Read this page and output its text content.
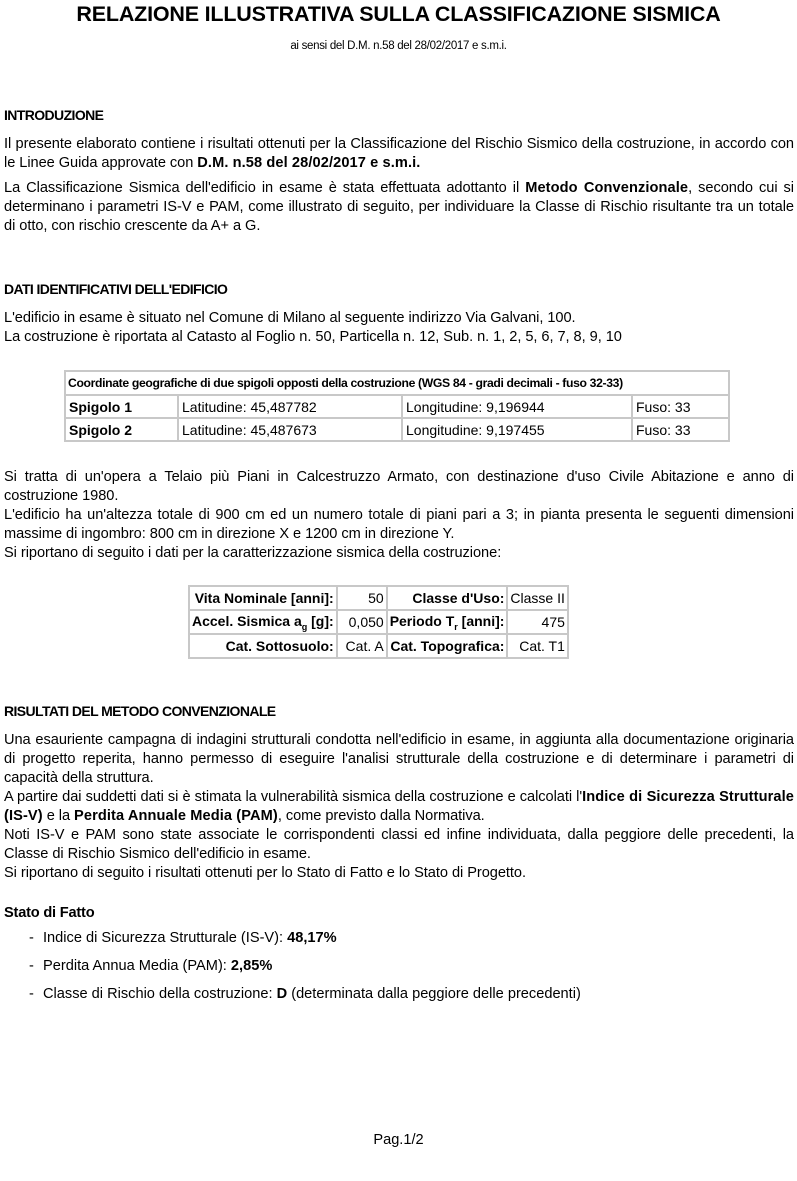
RELAZIONE ILLUSTRATIVA SULLA CLASSIFICAZIONE SISMICA
ai sensi del D.M. n.58 del 28/02/2017 e s.m.i.

INTRODUZIONE

Il presente elaborato contiene i risultati ottenuti per la Classificazione del Rischio Sismico della costruzione, in accordo con le Linee Guida approvate con D.M. n.58 del 28/02/2017 e s.m.i.

La Classificazione Sismica dell'edificio in esame è stata effettuata adottanto il Metodo Convenzionale, secondo cui si determinano i parametri IS-V e PAM, come illustrato di seguito, per individuare la Classe di Rischio risultante tra un totale di otto, con rischio crescente da A+ a G.

DATI IDENTIFICATIVI DELL'EDIFICIO

L'edificio in esame è situato nel Comune di Milano al seguente indirizzo Via Galvani, 100.

La costruzione è riportata al Catasto al Foglio n. 50, Particella n. 12, Sub. n. 1, 2, 5, 6, 7, 8, 9, 10

Coordinate geografiche di due spigoli opposti della costruzione (WGS 84 - gradi decimali - fuso 32-33)			
Spigolo 1	Latitudine: 45,487782	Longitudine: 9,196944	Fuso: 33
Spigolo 2	Latitudine: 45,487673	Longitudine: 9,197455	Fuso: 33

Si tratta di un'opera a Telaio più Piani in Calcestruzzo Armato, con destinazione d'uso Civile Abitazione e anno di costruzione 1980.

L'edificio ha un'altezza totale di 900 cm ed un numero totale di piani pari a 3; in pianta presenta le seguenti dimensioni massime di ingombro: 800 cm in direzione X e 1200 cm in direzione Y.

Si riportano di seguito i dati per la caratterizzazione sismica della costruzione:

Vita Nominale [anni]:	50	Classe d'Uso:	Classe II
Accel. Sismica $a_g$ [g]:	0,050	Periodo $T_r$ [anni]:	475
Cat. Sottosuolo:	Cat. A	Cat. Topografica:	Cat. T1

RISULTATI DEL METODO CONVENZIONALE

Una esauriente campagna di indagini strutturali condotta nell'edificio in esame, in aggiunta alla documentazione originaria di progetto reperita, hanno permesso di eseguire l'analisi strutturale della costruzione e di determinare i parametri di capacità della struttura.

A partire dai suddetti dati si è stimata la vulnerabilità sismica della costruzione e calcolati l'Indice di Sicurezza Strutturale (IS-V) e la Perdita Annuale Media (PAM), come previsto dalla Normativa.

Noti IS-V e PAM sono state associate le corrispondenti classi ed infine individuata, dalla peggiore delle precedenti, la Classe di Rischio Sismico dell'edificio in esame.

Si riportano di seguito i risultati ottenuti per lo Stato di Fatto e lo Stato di Progetto.

Stato di Fatto

- Indice di Sicurezza Strutturale (IS-V): 48,17%
- Perdita Annua Media (PAM): 2,85%
- Classe di Rischio della costruzione: D (determinata dalla peggiore delle precedenti)
Pag.1/2
